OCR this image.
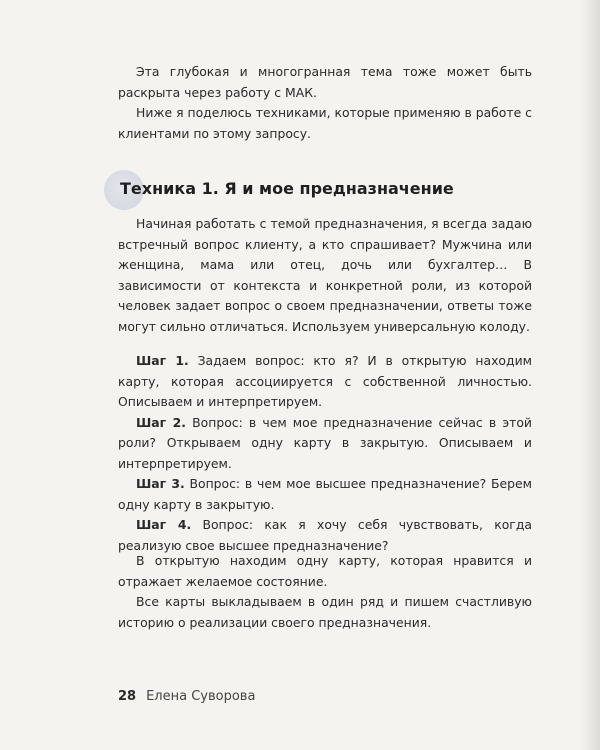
Эта глубокая и многогранная тема тоже может быть раскрыта через работу с МАК.

Ниже я поделюсь техниками, которые применяю в работе с клиентами по этому запросу.

Техника 1. Я и мое предназначение

Начиная работать с темой предназначения, я всегда задаю встречный вопрос клиенту, а кто спрашивает? Мужчина или женщина, мама или отец, дочь или бухгалтер… В зависимости от контекста и конкретной роли, из которой человек задает вопрос о своем предназначении, ответы тоже могут сильно отличаться. Используем универсальную колоду.

Шаг 1. Задаем вопрос: кто я? И в открытую находим карту, которая ассоциируется с собственной личностью. Описываем и интерпретируем.

Шаг 2. Вопрос: в чем мое предназначение сейчас в этой роли? Открываем одну карту в закрытую. Описываем и интерпретируем.

Шаг 3. Вопрос: в чем мое высшее предназначение? Берем одну карту в закрытую.

Шаг 4. Вопрос: как я хочу себя чувствовать, когда реализую свое высшее предназначение?

В открытую находим одну карту, которая нравится и отражает желаемое состояние.

Все карты выкладываем в один ряд и пишем счастливую историю о реализации своего предназначения.

28 Елена Суворова
